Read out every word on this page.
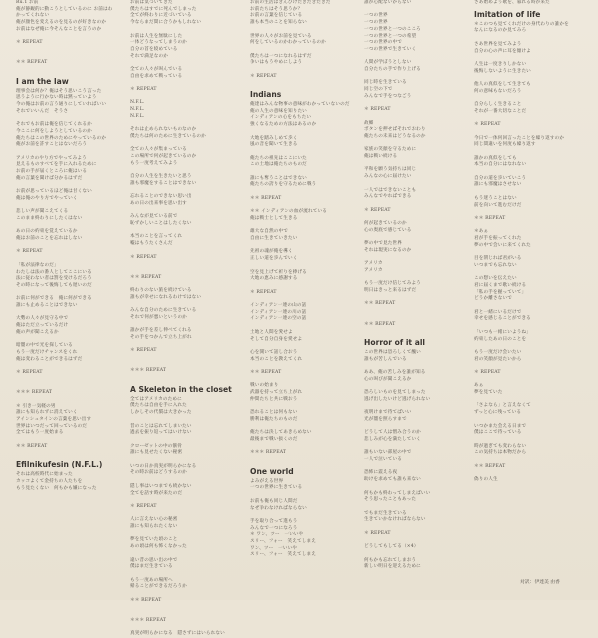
Ru.1 お前
俺が静観的に動こうとしているのに お前はわ
かってくれない
俺が顔色を変えるのを見るのが好きなのか
お前はなぜ俺に今そんなことを言うのか
＊ REPEAT
＊＊ REPEAT
I am the law
理事会は何か？俺はそう思いこう言った
思うように行かない時は黙っていよう
今の俺はお前の言う通りにしていればいい
それでいいんだ　そうさ
それでもお前は俺を信じてくれるか
今ここに何をしようとしているのか
俺たちはこの世界のためにやっているのか
俺がお前を許すことはないだろう
アメリカのやり方でやってみよう
見えるものすべてを手に入れるために
お前の手が届くところに俺はいる
俺の言葉を聞けば分かるはずだ
お前が思っているほど俺は甘くない
俺は俺のやり方でやっていく
悲しい声が聞こえてくる
このまま終わりにしたくはない
あの日の約束を覚えているか
俺はお前のことを忘れはしない
＊ REPEAT
「私が法律なのだ」
わたしは法の番人としてここにいる
法に従わない者は罰を受けるだろう
その時になって後悔しても遅いのだ
お前に何ができる　俺に何ができる
誰にも止めることはできない
大勢の人々が見守る中で
俺はただ立っているだけ
俺の声が聞こえるか
暗闇の中で光を探している
もう一度だけチャンスをくれ
俺は変わることができるはずだ
＊ REPEAT
＊＊＊ REPEAT
＊ 引き一気軽の男
誰にも知られずに消えていく
アインシュタインの言葉を思い出す
世界はいつだって回っているのだ
全てはもう一度始まる
＊＊ REPEAT
Efilnikufesin (N.F.L.)
それは高校時代に始まった
カッコよくて金持ちの人たちを
もう見たくない　何もかも嫌になった
お前は気づいてきた
僕たちはすでに死んでしまった
全てが終わりに近づいている
今ならまだ間に合うかもしれない
お前は人生を無駄にした
一体どうなってしまうのか
自分の首を絞めている
それで満足なのか
全ての人々が叫んでいる
自由を求めて戦っている
＊ REPEAT
N.F.L.
N.F.L.
N.F.L.
それは止められないものなのか
僕たちは何のために生きているのか
全ての人々が集まっている
この場所で何が起きているのか
もう一度考えてみよう
自分の人生を生きたいと思う
誰も邪魔をすることはできない
忘れることのできない思い出
あの日の出来事を思い出す
みんなが見ている前で
恥ずかしいことはしたくない
本当のことを言ってくれ
嘘はもうたくさんだ
＊ REPEAT
＊＊ REPEAT
終わりのない旅を続けている
誰もが幸せになれるわけではない
みんな自分のために生きている
それで何が悪いというのか
誰かが手を差し伸べてくれる
その手をつかんで立ち上がれ
＊ REPEAT
＊＊＊ REPEAT
A Skeleton in the closet
全てはアメリカのために
僕たちは自由を手に入れた
しかしその代償は大きかった
昔のことは忘れてしまいたい
過去を振り返ってはいけない
クローゼットの中の骸骨
誰にも見せたくない秘密
いつの日か真実が明らかになる
その時お前はどうするのか
隠し事はいつまでも続かない
全てを話す時が来たのだ
＊ REPEAT
人に言えない心の秘密
誰にも知られたくない
夢を見ていた頃のこと
あの頃は何も怖くなかった
遠い昔の思い出の中で
僕はまだ生きている
もう一度あの場所へ
帰ることができるだろうか
＊＊ REPEAT
＊＊＊ REPEAT
真実が明らかになる　隠さずにはいられない
お前の生活はきんびけだきだきだきだ
お前たちはそう思うか？
お前の言葉を信じている
誰も本当のことを知らない
世界の人々がお前を見ている
何をしているのかわかっているのか
僕たちは一つになれるはずだ
争いはもうやめにしよう
＊ REPEAT
Indians
俺達はみんな物事の意味がわかっていないのだ
俺の人生の意味を知りたい
インディアンの心をもちたい
強くなるための方法はあるのか
大地を踏みしめて歩く
風の音を聞いて生きる
俺たちの祖先はここにいた
この土地は俺たちのものだ
誰にも奪うことはできない
俺たちの誇りを守るために戦う
＊＊ REPEAT
＊＊ インディアンの血が流れている
俺は戦士として生きる
雄大な自然の中で
自由に生きていきたい
先祖の魂が俺を導く
正しい道を歩んでいく
空を見上げて祈りを捧げる
大地の恵みに感謝する
＊ REPEAT
インディアン一連の山の話
インディアン一連の川の話
インディアン一連の空の話
土地と人間を愛せよ
そして自分自身を愛せよ
心を開いて話し合おう
本当のことを教えてくれ
＊＊ REPEAT
戦いの始まり
武器を持って立ち上がれ
仲間たちと共に戦おう
恐れることは何もない
勝利は俺たちのものだ
俺たちは決してあきらめない
最後まで戦い抜くのだ
＊＊＊ REPEAT
One world
よみがえる世界
一つの世界に生きている
お前も俺も同じ人間だ
なぜ争わなければならない
手を取り合って進もう
みんなで一つになろう
＊ ワン、ツー　一いいや
スリー、フォー　笑えてしまえ
ワン、ツー　一いいや
スリー、フォー　笑えてしまえ
誰が心配ないからない
一つの世界
一つの世界
一つの世界と一つのこころ
一つの世界と一つの希望
一つの世界の中で
一つの世界で生きていく
人間が学ぼうとしない
自分たちの手で作り上げる
同じ時を生きている
同じ空の下で
みんなで手をつなごう
＊ REPEAT
故郷
ボタンを押せばそれでおわり
俺たちの未来はどうなるのか
家族の笑顔を守るために
俺は戦い続ける
平和を願う気持ちは同じ
みんなの心に届けたい
一人ではできないことも
みんなでやればできる
＊ REPEAT
何が起きているのか
心の奥底で感じている
夢の中で見た世界
それは現実になるのか
アメリカ
アメリカ
もう一度だけ信じてみよう
明日はきっと来るはずだ
＊＊ REPEAT
＊＊ REPEAT
Horror of it all
この世界は恐ろしくて醜い
誰もが苦しんでいる
ああ、俺の苦しみを誰が知る
心の叫びが聞こえるか
恐ろしいものを見てしまった
逃げ出したいけど逃げられない
夜明けまで待てばいい
光が闇を照らすまで
どうして人は憎み合うのか
悲しみが心を満たしていく
誰もいない部屋の中で
一人で泣いている
恐怖に震える夜
助けを求めても誰も来ない
何もかも終わってしまえばいい
そう思ったこともあった
でもまだ生きている
生きていかなければならない
＊ REPEAT
どうしてもしてる（×4）
何もかも忘れてしまおう
新しい明日を迎えるために
さあ始めよう歌を、暮れる時が来た
Imitation of life
＊このつも見てくれだけの身代わりの誰かを
なんになるのか見てみろ
さあ世界を見てみよう
自分の心の声に耳を傾けよ
人生は一度きりしかない
後悔しないように生きたい
他人の真似をして生きても
何の意味もないだろう
自分らしく生きること
それが一番大切なことだ
＊ REPEAT
今日で一体何回言ったことを繰り返すのか
同じ間違いを何度も繰り返す
誰かの真似をしても
本当の自分にはなれない
自分の道を歩いていこう
誰にも邪魔はさせない
もう迷うことはない
前を向いて進むだけだ
＊＊ REPEAT
＊あぁ
君が手を振ってくれた
夢の中で会いに来てくれた
目を閉じれば君がいる
いつまでも忘れない
この想いを伝えたい
君に届くまで歌い続ける
「私の手を握っていて」
どうか離さないで
君と一緒にいるだけで
幸せを感じることができる
「いつも一緒にいようね」
約束したあの日のことを
もう一度だけ会いたい
君の笑顔が見たいから
＊ REPEAT
あぁ
夢を見ていた
「さよなら」と言えなくて
ずっと心に残っている
いつかまた会える日まで
僕はここで待っている
時が過ぎても変わらない
この気持ちは本物だから
＊＊ REPEAT
偽りの人生
対訳：伊達美 由香
